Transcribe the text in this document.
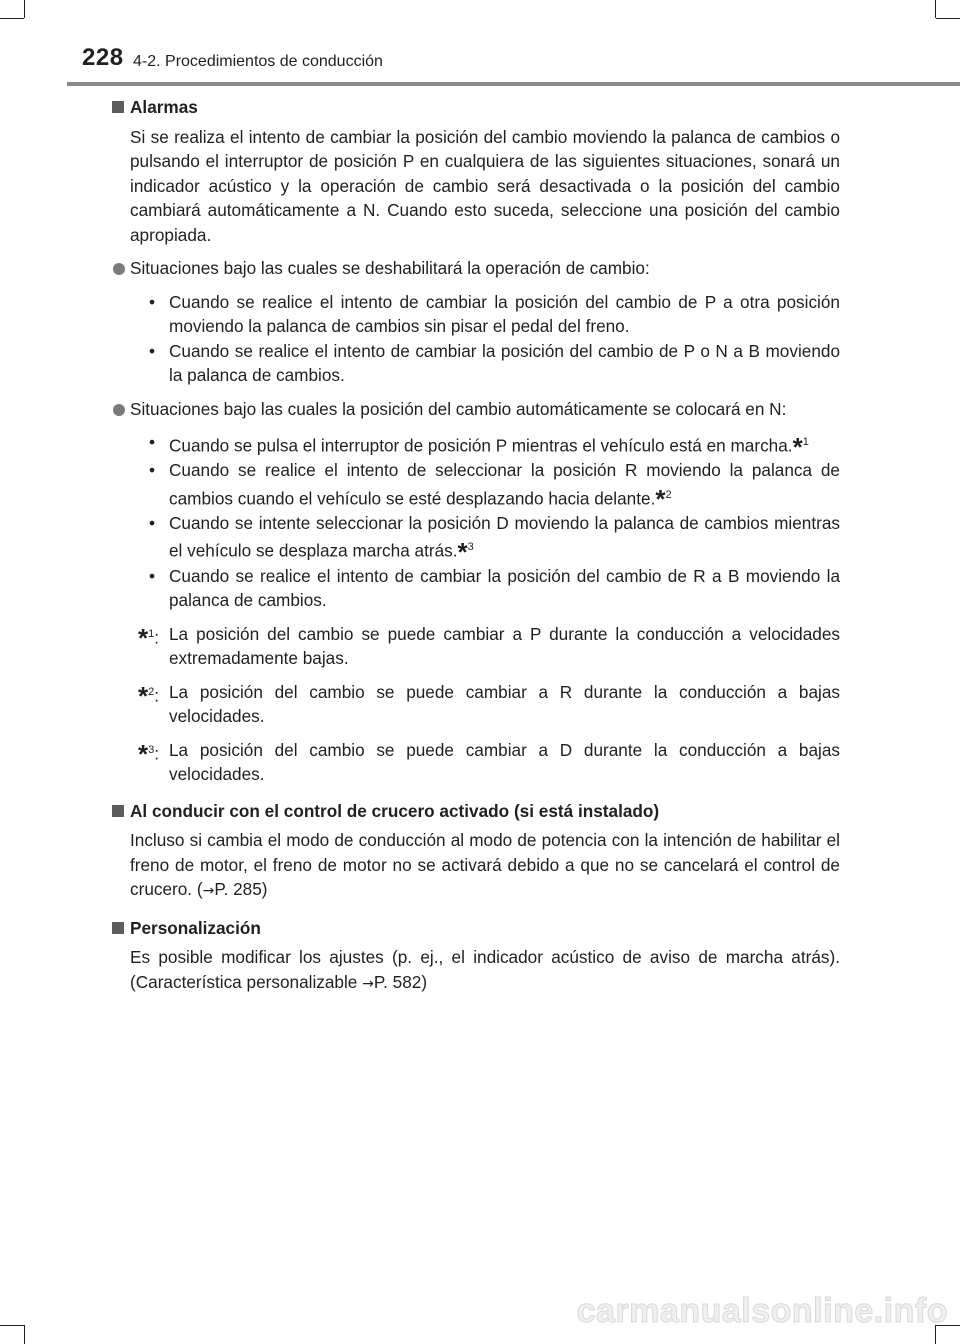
228 4-2. Procedimientos de conducción
Alarmas
Si se realiza el intento de cambiar la posición del cambio moviendo la palanca de cambios o pulsando el interruptor de posición P en cualquiera de las siguientes situaciones, sonará un indicador acústico y la operación de cambio será desactivada o la posición del cambio cambiará automáticamente a N. Cuando esto suceda, seleccione una posición del cambio apropiada.
Situaciones bajo las cuales se deshabilitará la operación de cambio:
• Cuando se realice el intento de cambiar la posición del cambio de P a otra posición moviendo la palanca de cambios sin pisar el pedal del freno.
• Cuando se realice el intento de cambiar la posición del cambio de P o N a B moviendo la palanca de cambios.
Situaciones bajo las cuales la posición del cambio automáticamente se colocará en N:
• Cuando se pulsa el interruptor de posición P mientras el vehículo está en marcha.*$^1$
• Cuando se realice el intento de seleccionar la posición R moviendo la palanca de cambios cuando el vehículo se esté desplazando hacia delante.*$^2$
• Cuando se intente seleccionar la posición D moviendo la palanca de cambios mientras el vehículo se desplaza marcha atrás.*$^3$
• Cuando se realice el intento de cambiar la posición del cambio de R a B moviendo la palanca de cambios.
*$^1$: La posición del cambio se puede cambiar a P durante la conducción a velocidades extremadamente bajas.
*$^2$: La posición del cambio se puede cambiar a R durante la conducción a bajas velocidades.
*$^3$: La posición del cambio se puede cambiar a D durante la conducción a bajas velocidades.
Al conducir con el control de crucero activado (si está instalado)
Incluso si cambia el modo de conducción al modo de potencia con la intención de habilitar el freno de motor, el freno de motor no se activará debido a que no se cancelará el control de crucero. (→P. 285)
Personalización
Es posible modificar los ajustes (p. ej., el indicador acústico de aviso de marcha atrás). (Característica personalizable →P. 582)
carmanualsonline.info
